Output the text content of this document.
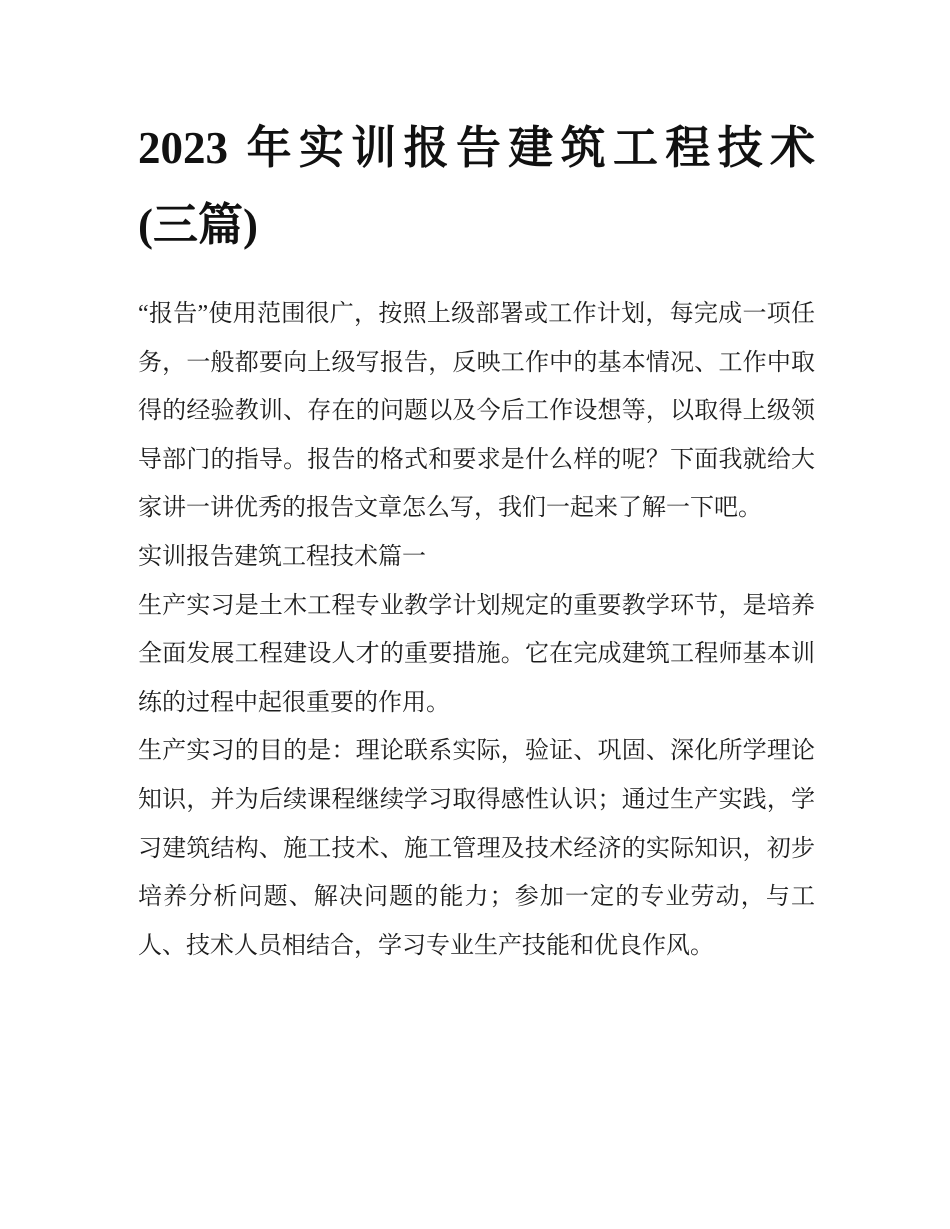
2023 年实训报告建筑工程技术
(三篇)

“报告”使用范围很广，按照上级部署或工作计划，每完成一项任务，一般都要向上级写报告，反映工作中的基本情况、工作中取得的经验教训、存在的问题以及今后工作设想等，以取得上级领导部门的指导。报告的格式和要求是什么样的呢？下面我就给大家讲一讲优秀的报告文章怎么写，我们一起来了解一下吧。

实训报告建筑工程技术篇一

生产实习是土木工程专业教学计划规定的重要教学环节，是培养全面发展工程建设人才的重要措施。它在完成建筑工程师基本训练的过程中起很重要的作用。

生产实习的目的是：理论联系实际，验证、巩固、深化所学理论知识，并为后续课程继续学习取得感性认识；通过生产实践，学习建筑结构、施工技术、施工管理及技术经济的实际知识，初步培养分析问题、解决问题的能力；参加一定的专业劳动，与工人、技术人员相结合，学习专业生产技能和优良作风。
